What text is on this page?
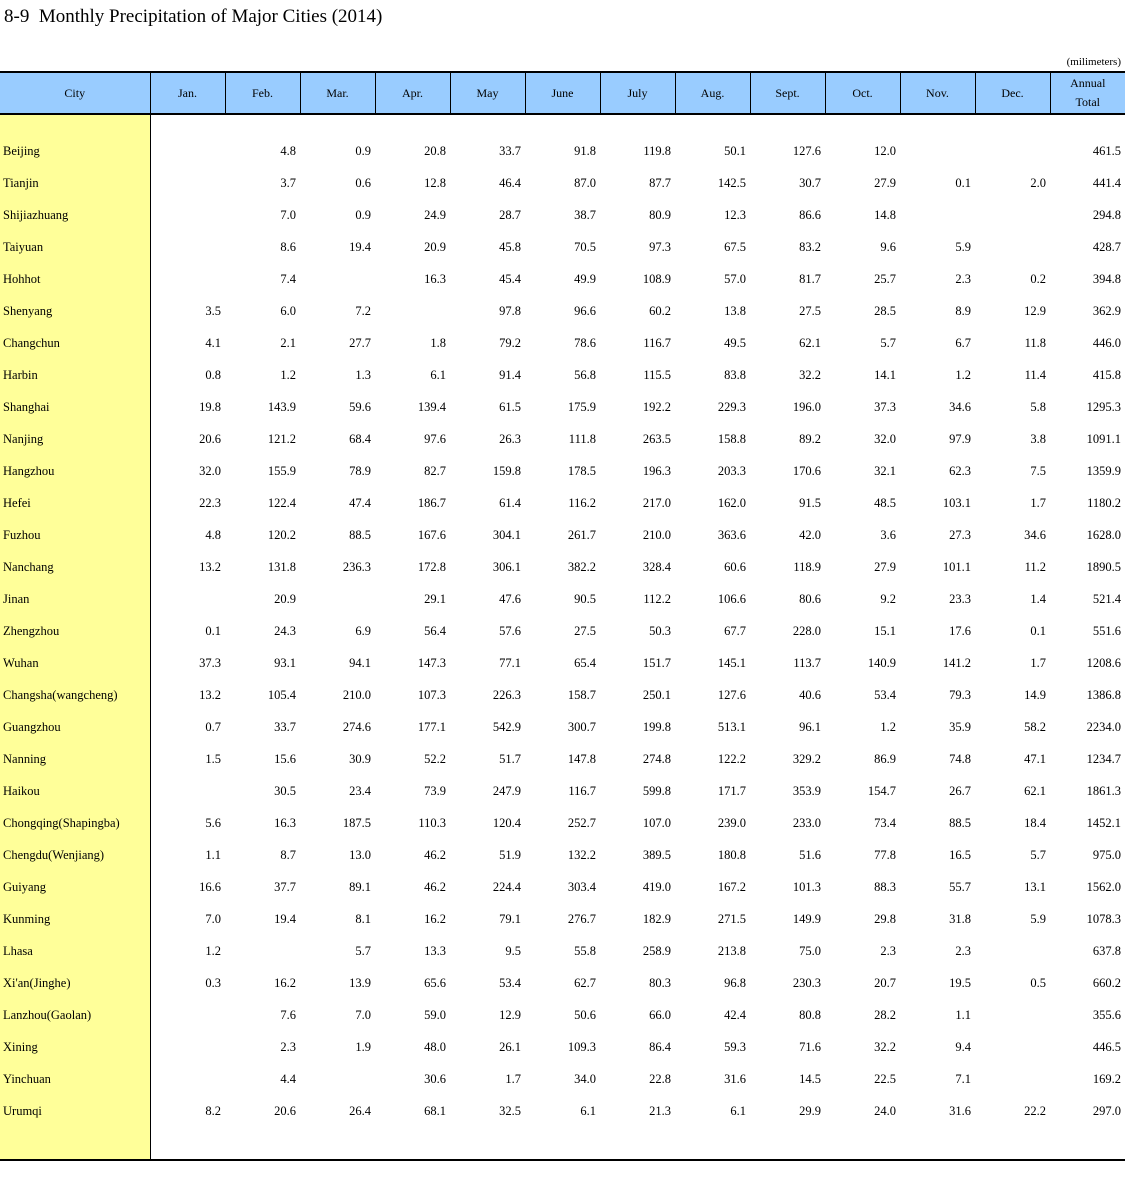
8-9  Monthly Precipitation of Major Cities (2014)
(milimeters)
City	Jan.	Feb.	Mar.	Apr.	May	June	July	Aug.	Sept.	Oct.	Nov.	Dec.	Annual
Total

Beijing		4.8	0.9	20.8	33.7	91.8	119.8	50.1	127.6	12.0			461.5
Tianjin		3.7	0.6	12.8	46.4	87.0	87.7	142.5	30.7	27.9	0.1	2.0	441.4
Shijiazhuang		7.0	0.9	24.9	28.7	38.7	80.9	12.3	86.6	14.8			294.8
Taiyuan		8.6	19.4	20.9	45.8	70.5	97.3	67.5	83.2	9.6	5.9		428.7
Hohhot		7.4		16.3	45.4	49.9	108.9	57.0	81.7	25.7	2.3	0.2	394.8
Shenyang	3.5	6.0	7.2		97.8	96.6	60.2	13.8	27.5	28.5	8.9	12.9	362.9
Changchun	4.1	2.1	27.7	1.8	79.2	78.6	116.7	49.5	62.1	5.7	6.7	11.8	446.0
Harbin	0.8	1.2	1.3	6.1	91.4	56.8	115.5	83.8	32.2	14.1	1.2	11.4	415.8
Shanghai	19.8	143.9	59.6	139.4	61.5	175.9	192.2	229.3	196.0	37.3	34.6	5.8	1295.3
Nanjing	20.6	121.2	68.4	97.6	26.3	111.8	263.5	158.8	89.2	32.0	97.9	3.8	1091.1
Hangzhou	32.0	155.9	78.9	82.7	159.8	178.5	196.3	203.3	170.6	32.1	62.3	7.5	1359.9
Hefei	22.3	122.4	47.4	186.7	61.4	116.2	217.0	162.0	91.5	48.5	103.1	1.7	1180.2
Fuzhou	4.8	120.2	88.5	167.6	304.1	261.7	210.0	363.6	42.0	3.6	27.3	34.6	1628.0
Nanchang	13.2	131.8	236.3	172.8	306.1	382.2	328.4	60.6	118.9	27.9	101.1	11.2	1890.5
Jinan		20.9		29.1	47.6	90.5	112.2	106.6	80.6	9.2	23.3	1.4	521.4
Zhengzhou	0.1	24.3	6.9	56.4	57.6	27.5	50.3	67.7	228.0	15.1	17.6	0.1	551.6
Wuhan	37.3	93.1	94.1	147.3	77.1	65.4	151.7	145.1	113.7	140.9	141.2	1.7	1208.6
Changsha(wangcheng)	13.2	105.4	210.0	107.3	226.3	158.7	250.1	127.6	40.6	53.4	79.3	14.9	1386.8
Guangzhou	0.7	33.7	274.6	177.1	542.9	300.7	199.8	513.1	96.1	1.2	35.9	58.2	2234.0
Nanning	1.5	15.6	30.9	52.2	51.7	147.8	274.8	122.2	329.2	86.9	74.8	47.1	1234.7
Haikou		30.5	23.4	73.9	247.9	116.7	599.8	171.7	353.9	154.7	26.7	62.1	1861.3
Chongqing(Shapingba)	5.6	16.3	187.5	110.3	120.4	252.7	107.0	239.0	233.0	73.4	88.5	18.4	1452.1
Chengdu(Wenjiang)	1.1	8.7	13.0	46.2	51.9	132.2	389.5	180.8	51.6	77.8	16.5	5.7	975.0
Guiyang	16.6	37.7	89.1	46.2	224.4	303.4	419.0	167.2	101.3	88.3	55.7	13.1	1562.0
Kunming	7.0	19.4	8.1	16.2	79.1	276.7	182.9	271.5	149.9	29.8	31.8	5.9	1078.3
Lhasa	1.2		5.7	13.3	9.5	55.8	258.9	213.8	75.0	2.3	2.3		637.8
Xi'an(Jinghe)	0.3	16.2	13.9	65.6	53.4	62.7	80.3	96.8	230.3	20.7	19.5	0.5	660.2
Lanzhou(Gaolan)		7.6	7.0	59.0	12.9	50.6	66.0	42.4	80.8	28.2	1.1		355.6
Xining		2.3	1.9	48.0	26.1	109.3	86.4	59.3	71.6	32.2	9.4		446.5
Yinchuan		4.4		30.6	1.7	34.0	22.8	31.6	14.5	22.5	7.1		169.2
Urumqi	8.2	20.6	26.4	68.1	32.5	6.1	21.3	6.1	29.9	24.0	31.6	22.2	297.0
